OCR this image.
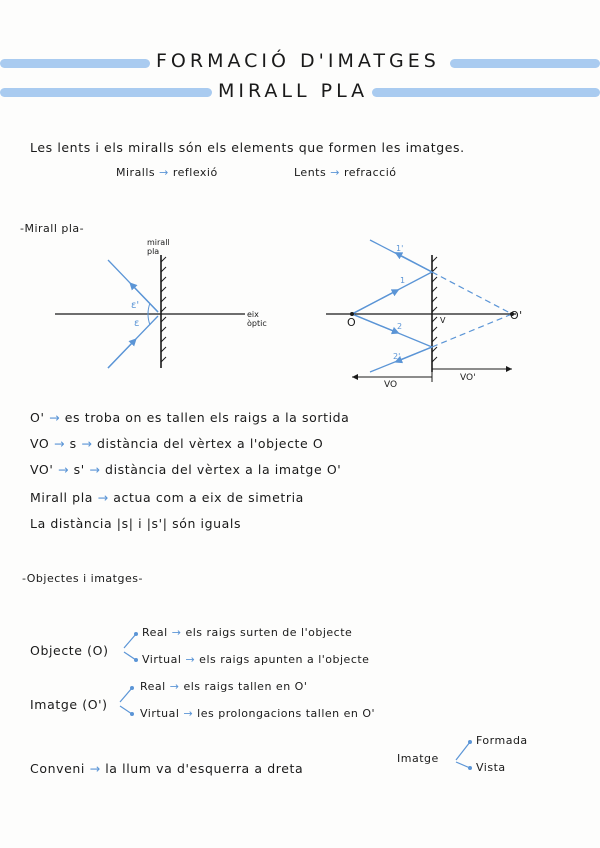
FORMACIÓ D'IMATGES
MIRALL PLA
Les lents i els miralls són els elements que formen les imatges.
Miralls → reflexió	Lents → refracció
-Mirall pla-
mirall
pla
ε'
ε
eix
òptic	O
O'
V
1'
1
2
2'
VO
VO'
O' → es troba on es tallen els raigs a la sortida
VO → s → distància del vèrtex a l'objecte O
VO' → s' → distància del vèrtex a la imatge O'
Mirall pla → actua com a eix de simetria
La distància |s| i |s'| són iguals
-Objectes i imatges-
Objecte (O)
Real → els raigs surten de l'objecte
Virtual → els raigs apunten a l'objecte
Imatge (O')
Real → els raigs tallen en O'
Virtual → les prolongacions tallen en O'
Conveni → la llum va d'esquerra a dreta
Imatge
Formada
Vista
